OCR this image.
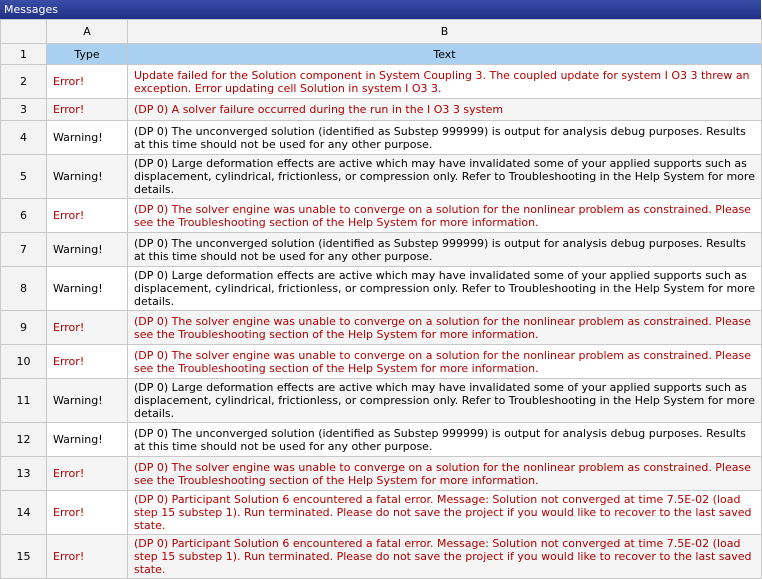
Messages
	A	B
1	Type	Text
2	Error!	Update failed for the Solution component in System Coupling 3. The coupled update for system I O3 3 threw an exception. Error updating cell Solution in system I O3 3.
3	Error!	(DP 0) A solver failure occurred during the run in the I O3 3 system
4	Warning!	(DP 0) The unconverged solution (identified as Substep 999999) is output for analysis debug purposes. Results at this time should not be used for any other purpose.
5	Warning!	(DP 0) Large deformation effects are active which may have invalidated some of your applied supports such as displacement, cylindrical, frictionless, or compression only. Refer to Troubleshooting in the Help System for more details.
6	Error!	(DP 0) The solver engine was unable to converge on a solution for the nonlinear problem as constrained. Please see the Troubleshooting section of the Help System for more information.
7	Warning!	(DP 0) The unconverged solution (identified as Substep 999999) is output for analysis debug purposes. Results at this time should not be used for any other purpose.
8	Warning!	(DP 0) Large deformation effects are active which may have invalidated some of your applied supports such as displacement, cylindrical, frictionless, or compression only. Refer to Troubleshooting in the Help System for more details.
9	Error!	(DP 0) The solver engine was unable to converge on a solution for the nonlinear problem as constrained. Please see the Troubleshooting section of the Help System for more information.
10	Error!	(DP 0) The solver engine was unable to converge on a solution for the nonlinear problem as constrained. Please see the Troubleshooting section of the Help System for more information.
11	Warning!	(DP 0) Large deformation effects are active which may have invalidated some of your applied supports such as displacement, cylindrical, frictionless, or compression only. Refer to Troubleshooting in the Help System for more details.
12	Warning!	(DP 0) The unconverged solution (identified as Substep 999999) is output for analysis debug purposes. Results at this time should not be used for any other purpose.
13	Error!	(DP 0) The solver engine was unable to converge on a solution for the nonlinear problem as constrained. Please see the Troubleshooting section of the Help System for more information.
14	Error!	(DP 0) Participant Solution 6 encountered a fatal error. Message: Solution not converged at time 7.5E-02 (load step 15 substep 1). Run terminated. Please do not save the project if you would like to recover to the last saved state.
15	Error!	(DP 0) Participant Solution 6 encountered a fatal error. Message: Solution not converged at time 7.5E-02 (load step 15 substep 1). Run terminated. Please do not save the project if you would like to recover to the last saved state.
